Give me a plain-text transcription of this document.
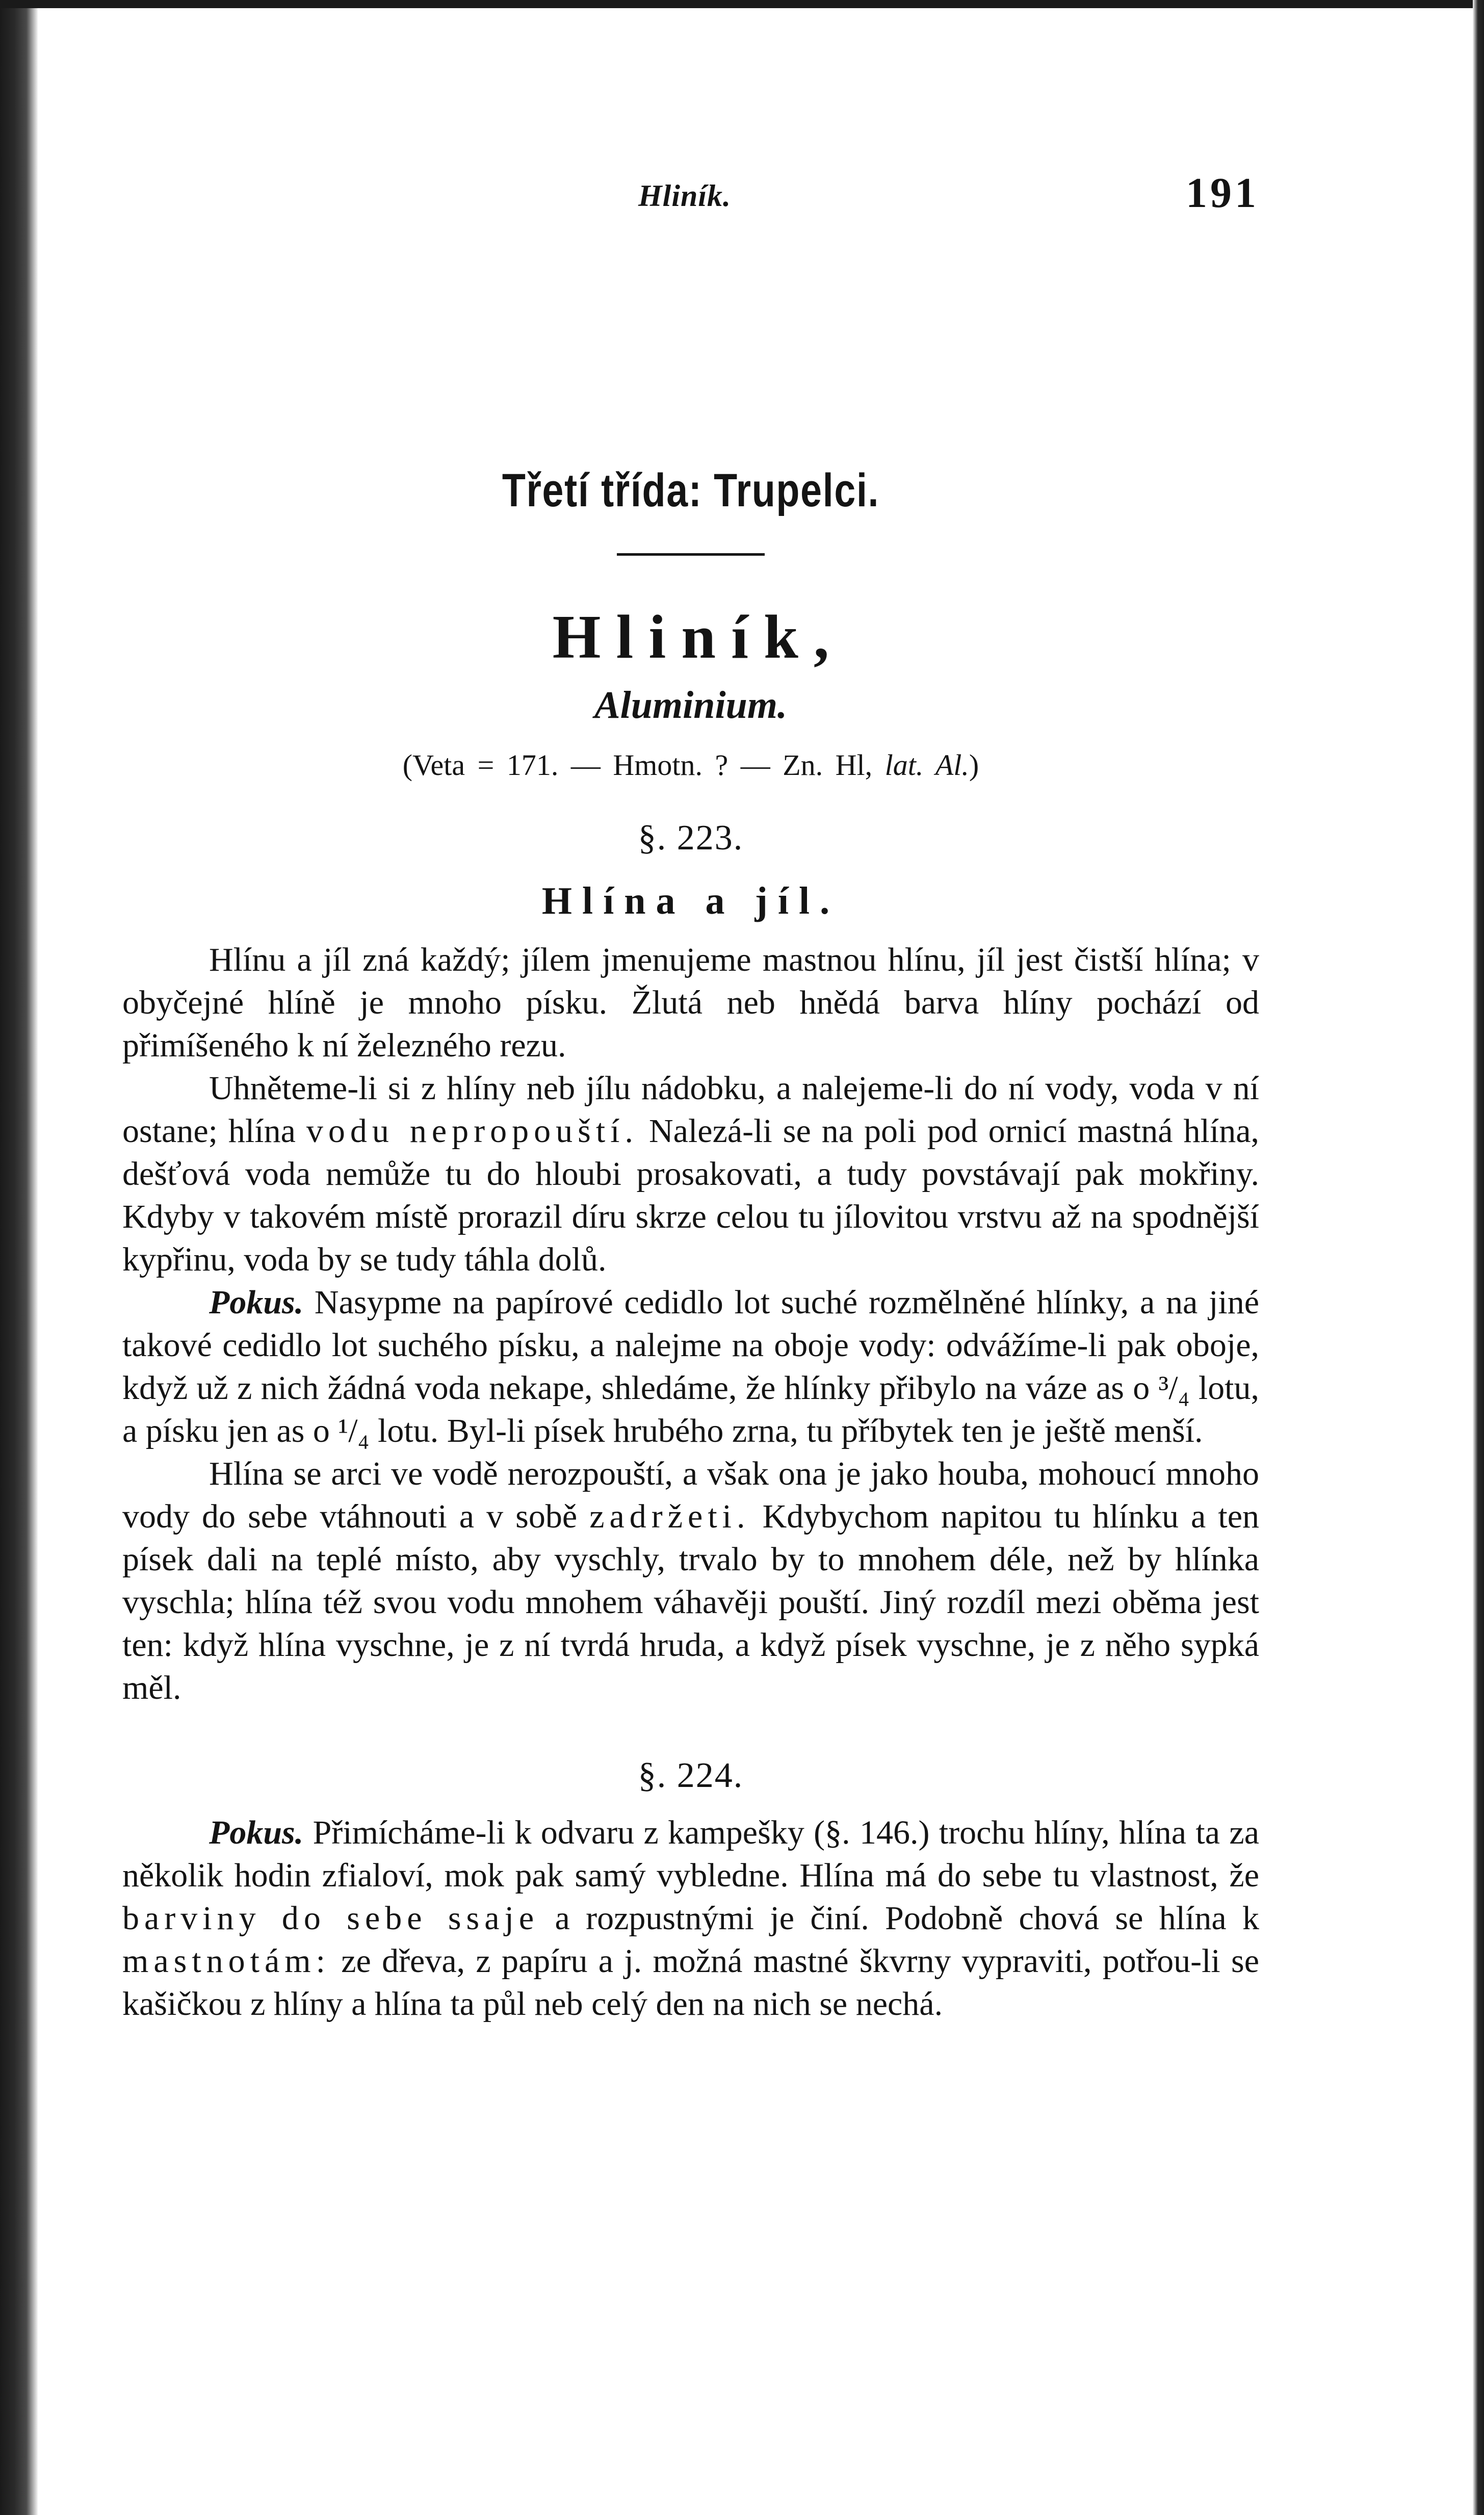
Hliník.	191
Třetí třída: Trupelci.
Hliník,
Aluminium.
(Veta = 171. — Hmotn. ? — Zn. Hl, lat. Al.)
§. 223.
Hlína a jíl.

Hlínu a jíl zná každý; jílem jmenujeme mastnou hlínu, jíl jest čistší hlína; v obyčejné hlíně je mnoho písku. Žlutá neb hnědá barva hlíny pochází od přimíšeného k ní železného rezu.

Uhněteme-li si z hlíny neb jílu nádobku, a nalejeme-li do ní vody, voda v ní ostane; hlína vodu nepropouští. Nalezá-li se na poli pod ornicí mastná hlína, dešťová voda nemůže tu do hloubi prosakovati, a tudy povstávají pak mokřiny. Kdyby v takovém místě prorazil díru skrze celou tu jílovitou vrstvu až na spodnější kypřinu, voda by se tudy táhla dolů.

Pokus. Nasypme na papírové cedidlo lot suché rozmělněné hlínky, a na jiné takové cedidlo lot suchého písku, a nalejme na oboje vody: odvážíme-li pak oboje, když už z nich žádná voda nekape, shledáme, že hlínky přibylo na váze as o ³/₄ lotu, a písku jen as o ¹/₄ lotu. Byl-li písek hrubého zrna, tu příbytek ten je ještě menší.

Hlína se arci ve vodě nerozpouští, a však ona je jako houba, mohoucí mnoho vody do sebe vtáhnouti a v sobě zadržeti. Kdybychom napitou tu hlínku a ten písek dali na teplé místo, aby vyschly, trvalo by to mnohem déle, než by hlínka vyschla; hlína též svou vodu mnohem váhavěji pouští. Jiný rozdíl mezi oběma jest ten: když hlína vyschne, je z ní tvrdá hruda, a když písek vyschne, je z něho sypká měl.

§. 224.

Pokus. Přimícháme-li k odvaru z kampešky (§. 146.) trochu hlíny, hlína ta za několik hodin zfialoví, mok pak samý vybledne. Hlína má do sebe tu vlastnost, že barviny do sebe ssaje a rozpustnými je činí. Podobně chová se hlína k mastnotám: ze dřeva, z papíru a j. možná mastné škvrny vypraviti, potřou-li se kašičkou z hlíny a hlína ta půl neb celý den na nich se nechá.
